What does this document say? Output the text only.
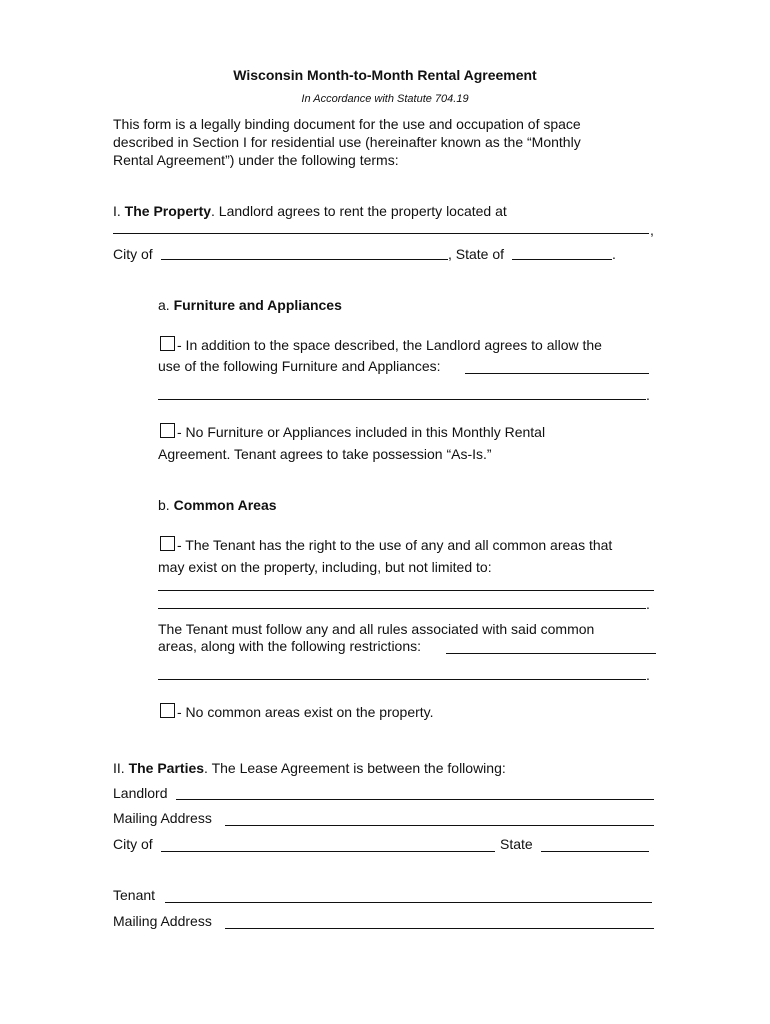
Wisconsin Month-to-Month Rental Agreement
In Accordance with Statute 704.19
This form is a legally binding document for the use and occupation of space
described in Section I for residential use (hereinafter known as the “Monthly
Rental Agreement”) under the following terms:
I. The Property. Landlord agrees to rent the property located at
,
City of	, State of	.
a. Furniture and Appliances
- In addition to the space described, the Landlord agrees to allow the
use of the following Furniture and Appliances:
.
- No Furniture or Appliances included in this Monthly Rental
Agreement. Tenant agrees to take possession “As-Is.”
b. Common Areas
- The Tenant has the right to the use of any and all common areas that
may exist on the property, including, but not limited to:
.
The Tenant must follow any and all rules associated with said common
areas, along with the following restrictions:
.
- No common areas exist on the property.
II. The Parties. The Lease Agreement is between the following:
Landlord
Mailing Address
City of	State
Tenant
Mailing Address
